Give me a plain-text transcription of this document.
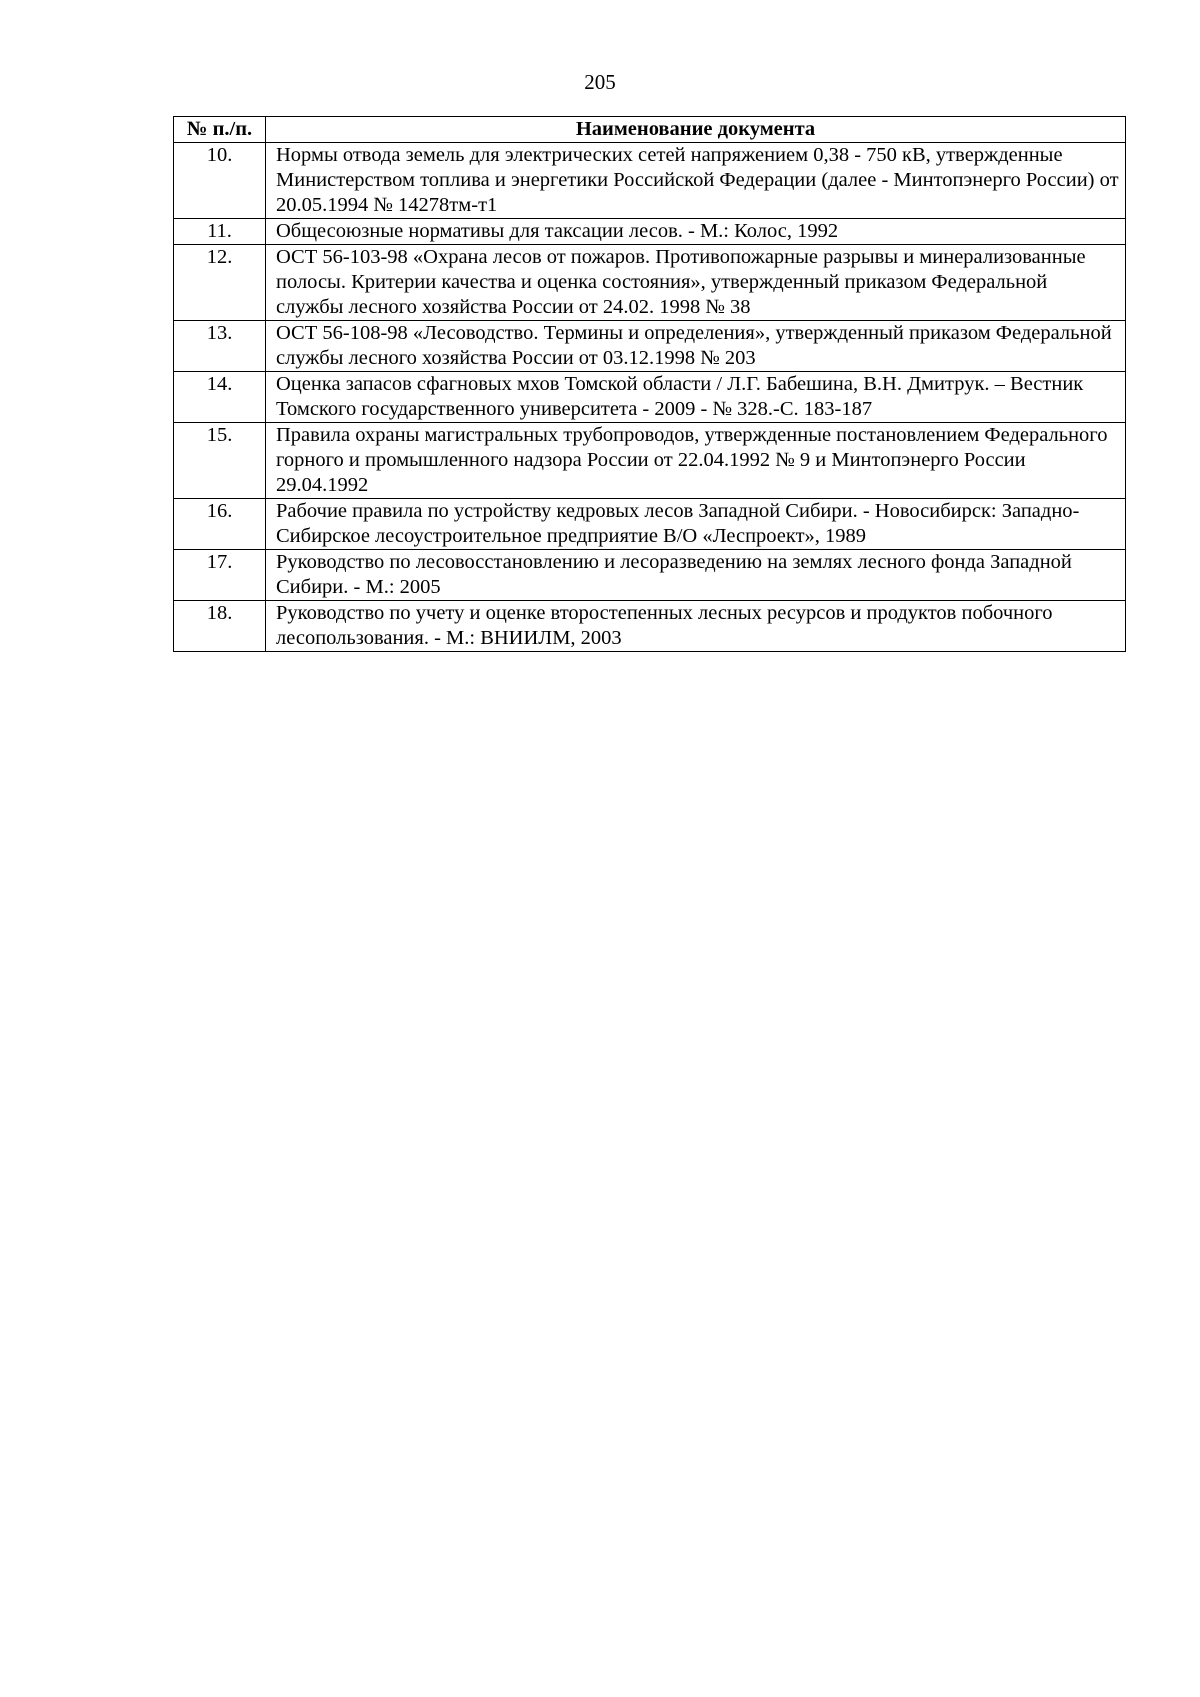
205
№ п./п.	Наименование документа
10.	Нормы отвода земель для электрических сетей напряжением 0,38 - 750 кВ, утвержденные Министерством топлива и энергетики Российской Федерации (далее - Минтопэнерго России) от 20.05.1994 № 14278тм-т1
11.	Общесоюзные нормативы для таксации лесов. - М.: Колос, 1992
12.	ОСТ 56-103-98 «Охрана лесов от пожаров. Противопожарные разрывы и минерализованные полосы. Критерии качества и оценка состояния», утвержденный приказом Федеральной службы лесного хозяйства России от 24.02. 1998 № 38
13.	ОСТ 56-108-98 «Лесоводство. Термины и определения», утвержденный приказом Федеральной службы лесного хозяйства России от 03.12.1998 № 203
14.	Оценка запасов сфагновых мхов Томской области / Л.Г. Бабешина, В.Н. Дмитрук. – Вестник Томского государственного университета - 2009 - № 328.-С. 183-187
15.	Правила охраны магистральных трубопроводов, утвержденные постановлением Федерального горного и промышленного надзора России от 22.04.1992 № 9 и Минтопэнерго России 29.04.1992
16.	Рабочие правила по устройству кедровых лесов Западной Сибири. - Новосибирск: Западно-Сибирское лесоустроительное предприятие В/О «Леспроект», 1989
17.	Руководство по лесовосстановлению и лесоразведению на землях лесного фонда Западной Сибири. - М.: 2005
18.	Руководство по учету и оценке второстепенных лесных ресурсов и продуктов побочного лесопользования. - М.: ВНИИЛМ, 2003
